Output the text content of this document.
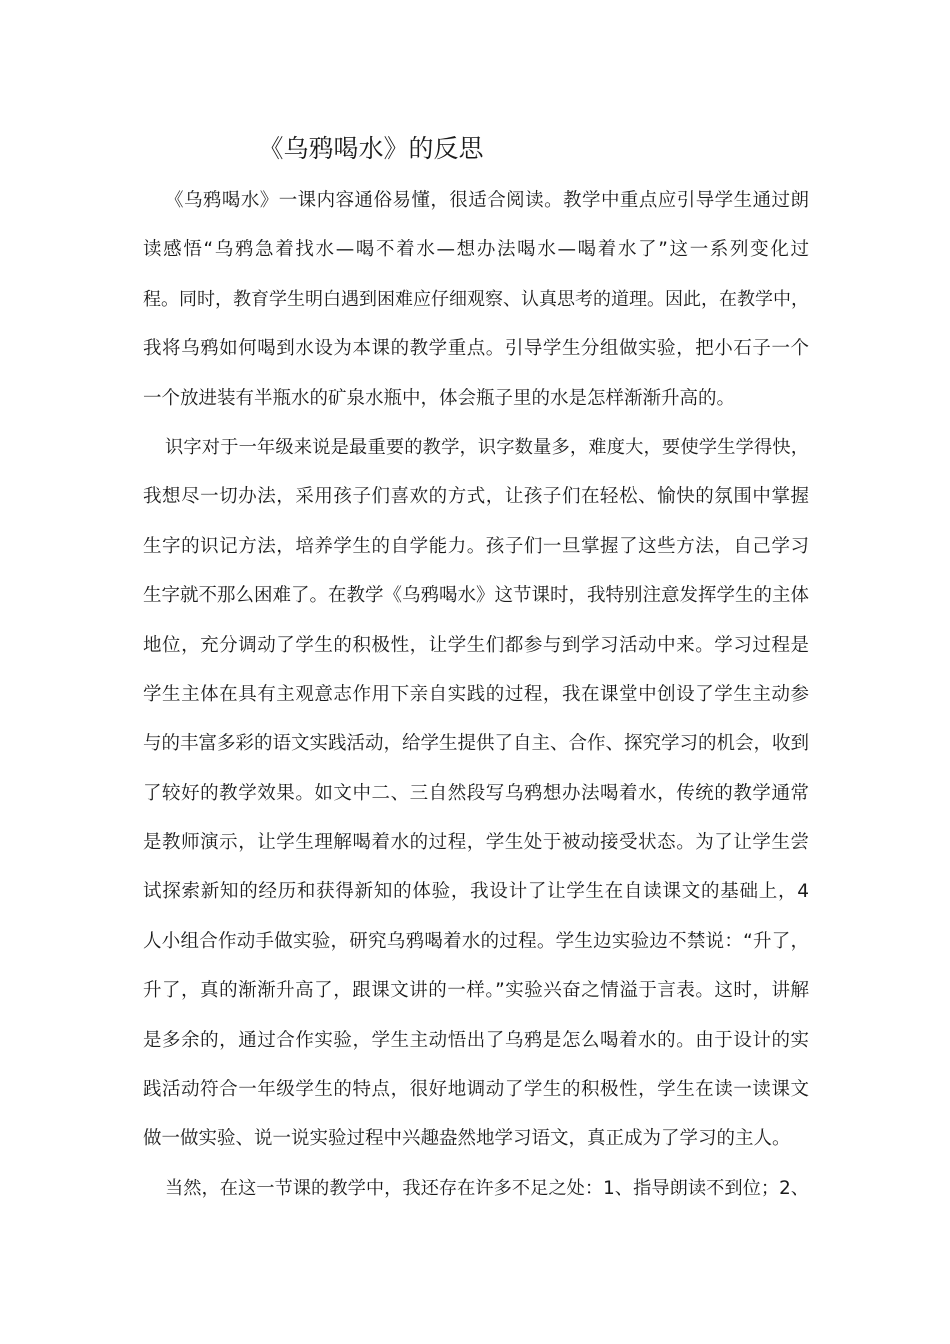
《乌鸦喝水》的反思
《乌鸦喝水》一课内容通俗易懂，很适合阅读。教学中重点应引导学生通过朗
读感悟“乌鸦急着找水—喝不着水—想办法喝水—喝着水了”这一系列变化过
程。同时，教育学生明白遇到困难应仔细观察、认真思考的道理。因此，在教学中，
我将乌鸦如何喝到水设为本课的教学重点。引导学生分组做实验，把小石子一个
一个放进装有半瓶水的矿泉水瓶中，体会瓶子里的水是怎样渐渐升高的。
识字对于一年级来说是最重要的教学，识字数量多，难度大，要使学生学得快，
我想尽一切办法，采用孩子们喜欢的方式，让孩子们在轻松、愉快的氛围中掌握
生字的识记方法，培养学生的自学能力。孩子们一旦掌握了这些方法，自己学习
生字就不那么困难了。在教学《乌鸦喝水》这节课时，我特别注意发挥学生的主体
地位，充分调动了学生的积极性，让学生们都参与到学习活动中来。学习过程是
学生主体在具有主观意志作用下亲自实践的过程，我在课堂中创设了学生主动参
与的丰富多彩的语文实践活动，给学生提供了自主、合作、探究学习的机会，收到
了较好的教学效果。如文中二、三自然段写乌鸦想办法喝着水，传统的教学通常
是教师演示，让学生理解喝着水的过程，学生处于被动接受状态。为了让学生尝
试探索新知的经历和获得新知的体验，我设计了让学生在自读课文的基础上，4
人小组合作动手做实验，研究乌鸦喝着水的过程。学生边实验边不禁说：“升了，
升了，真的渐渐升高了，跟课文讲的一样。”实验兴奋之情溢于言表。这时，讲解
是多余的，通过合作实验，学生主动悟出了乌鸦是怎么喝着水的。由于设计的实
践活动符合一年级学生的特点，很好地调动了学生的积极性，学生在读一读课文
做一做实验、说一说实验过程中兴趣盎然地学习语文，真正成为了学习的主人。
当然，在这一节课的教学中，我还存在许多不足之处：1、指导朗读不到位；2、
